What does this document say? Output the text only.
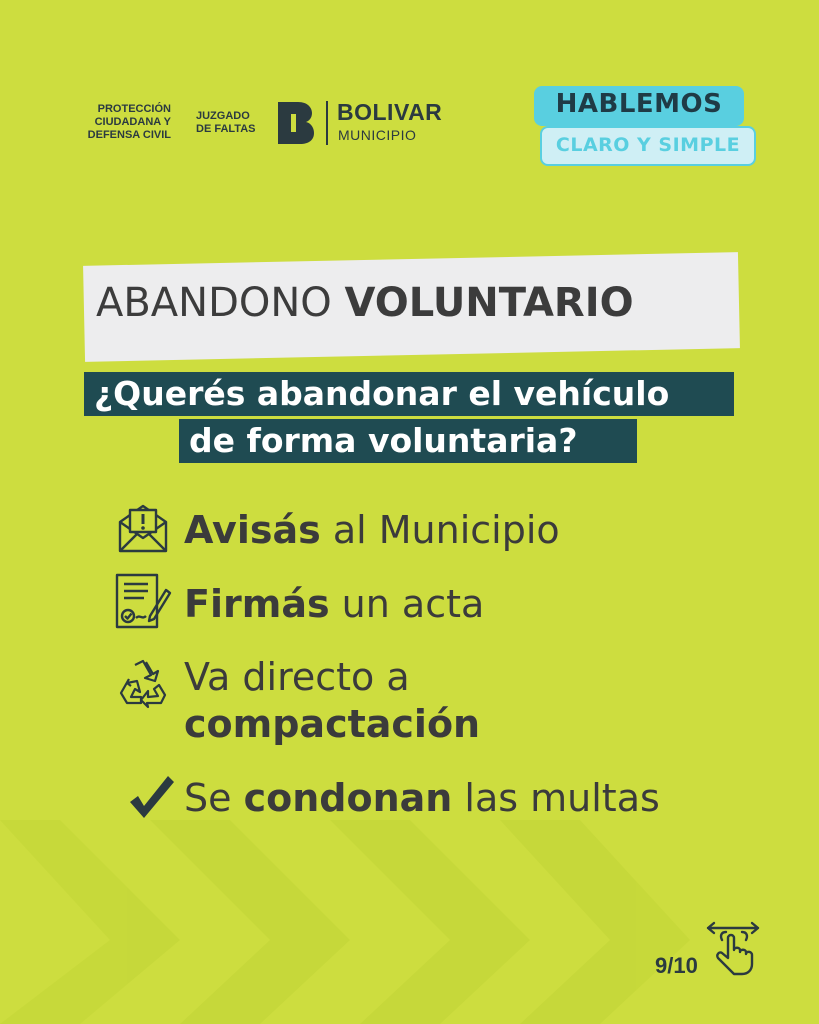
PROTECCIÓN
CIUDADANA Y
DEFENSA CIVIL
JUZGADO
DE FALTAS
BOLIVAR
MUNICIPIO
HABLEMOS
CLARO Y SIMPLE
ABANDONO VOLUNTARIO
¿Querés abandonar el vehículo
de forma voluntaria?
Avisás al Municipio
Firmás un acta
Va directo a
compactación
Se condonan las multas
9/10
